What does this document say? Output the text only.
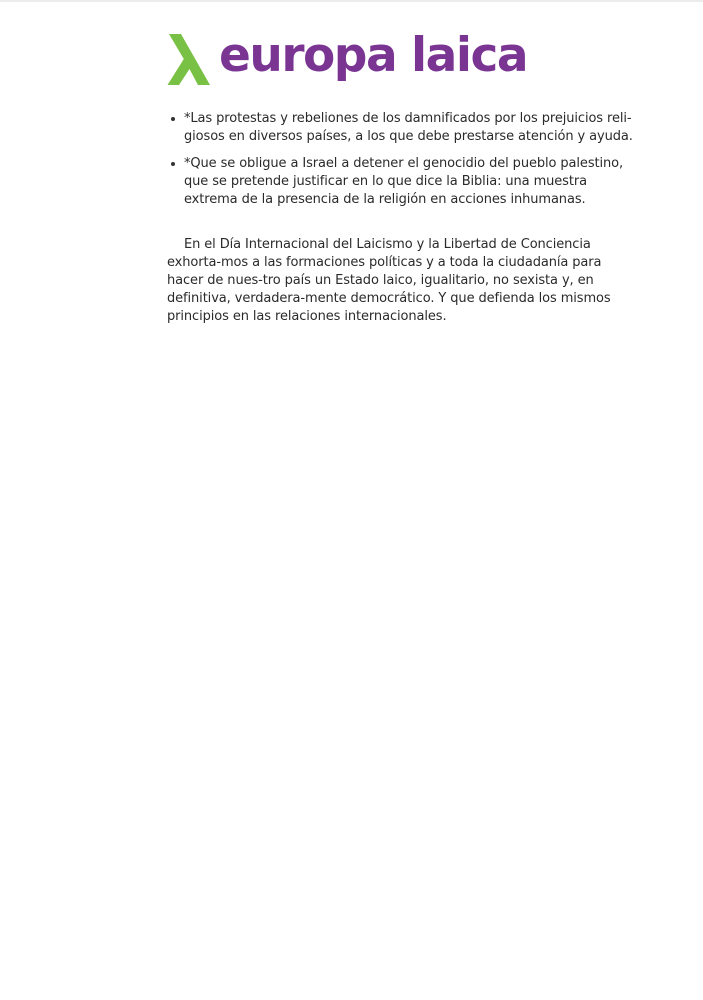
europa laica
*Las protestas y rebeliones de los damnificados por los prejuicios reli-giosos en diversos países, a los que debe prestarse atención y ayuda.
*Que se obligue a Israel a detener el genocidio del pueblo palestino, que se pretende justificar en lo que dice la Biblia: una muestra extrema de la presencia de la religión en acciones inhumanas.

En el Día Internacional del Laicismo y la Libertad de Conciencia exhorta-mos a las formaciones políticas y a toda la ciudadanía para hacer de nues-tro país un Estado laico, igualitario, no sexista y, en definitiva, verdadera-mente democrático. Y que defienda los mismos principios en las relaciones internacionales.
